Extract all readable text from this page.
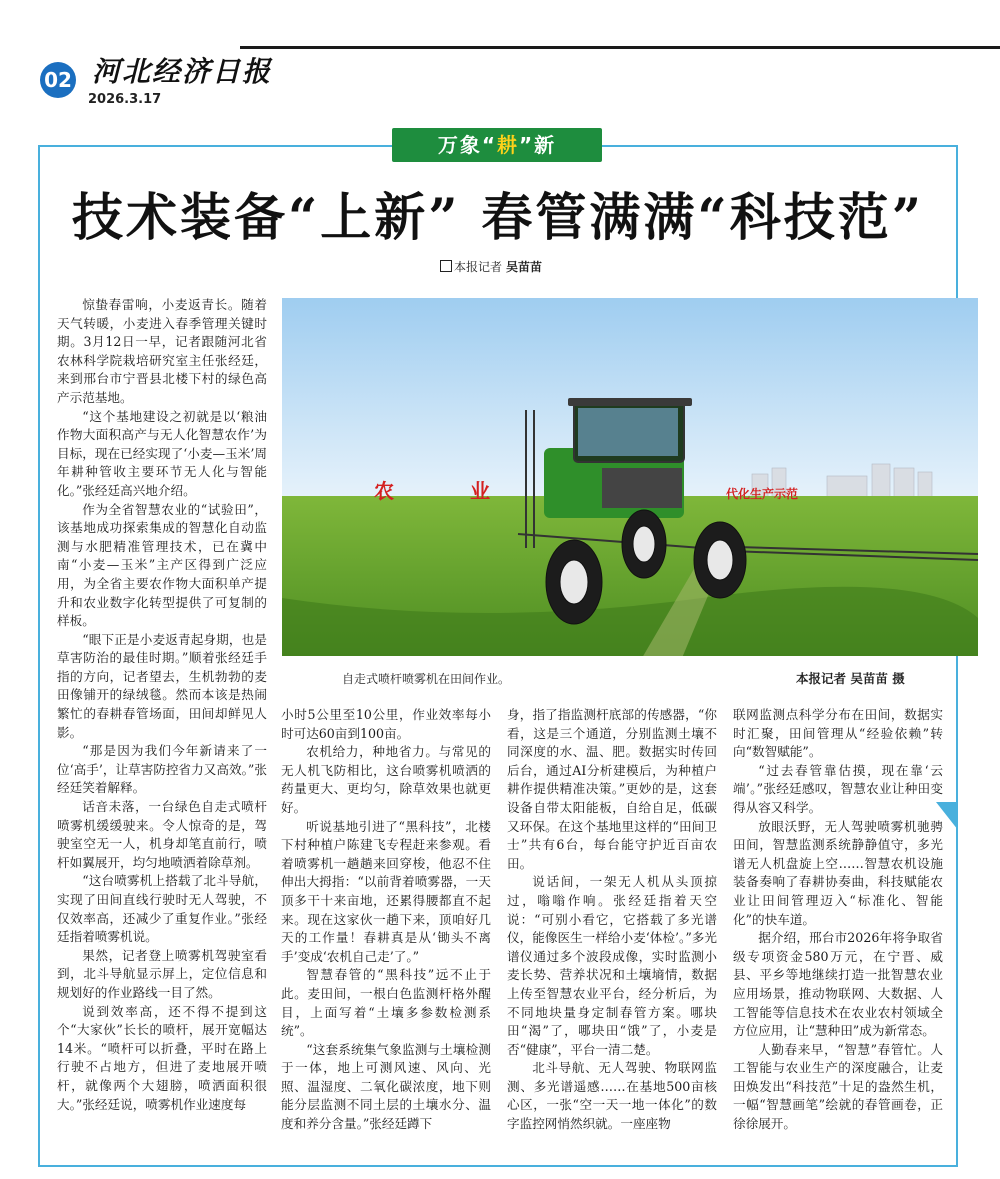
02 河北经济日报
2026.3.17
万象“耕”新
技术装备“上新” 春管满满“科技范”
本报记者 吴苗苗
农	业	代化生产示范
自走式喷杆喷雾机在田间作业。	本报记者 吴苗苗 摄

惊蛰春雷响，小麦返青长。随着天气转暖，小麦进入春季管理关键时期。3月12日一早，记者跟随河北省农林科学院栽培研究室主任张经廷，来到邢台市宁晋县北楼下村的绿色高产示范基地。

“这个基地建设之初就是以‘粮油作物大面积高产与无人化智慧农作’为目标，现在已经实现了‘小麦—玉米’周年耕种管收主要环节无人化与智能化。”张经廷高兴地介绍。

作为全省智慧农业的“试验田”，该基地成功探索集成的智慧化自动监测与水肥精准管理技术，已在冀中南“小麦—玉米”主产区得到广泛应用，为全省主要农作物大面积单产提升和农业数字化转型提供了可复制的样板。

“眼下正是小麦返青起身期，也是草害防治的最佳时期。”顺着张经廷手指的方向，记者望去，生机勃勃的麦田像铺开的绿绒毯。然而本该是热闹繁忙的春耕春管场面，田间却鲜见人影。

“那是因为我们今年新请来了一位‘高手’，让草害防控省力又高效。”张经廷笑着解释。

话音未落，一台绿色自走式喷杆喷雾机缓缓驶来。令人惊奇的是，驾驶室空无一人，机身却笔直前行，喷杆如翼展开，均匀地喷洒着除草剂。

“这台喷雾机上搭载了北斗导航，实现了田间直线行驶时无人驾驶，不仅效率高，还减少了重复作业。”张经廷指着喷雾机说。

果然，记者登上喷雾机驾驶室看到，北斗导航显示屏上，定位信息和规划好的作业路线一目了然。

说到效率高，还不得不提到这个“大家伙”长长的喷杆，展开宽幅达14米。“喷杆可以折叠，平时在路上行驶不占地方，但进了麦地展开喷杆，就像两个大翅膀，喷洒面积很大。”张经廷说，喷雾机作业速度每

小时5公里至10公里，作业效率每小时可达60亩到100亩。

农机给力，种地省力。与常见的无人机飞防相比，这台喷雾机喷洒的药量更大、更均匀，除草效果也就更好。

听说基地引进了“黑科技”，北楼下村种植户陈建飞专程赶来参观。看着喷雾机一趟趟来回穿梭，他忍不住伸出大拇指：“以前背着喷雾器，一天顶多干十来亩地，还累得腰都直不起来。现在这家伙一趟下来，顶咱好几天的工作量！春耕真是从‘锄头不离手’变成‘农机自己走’了。”

智慧春管的“黑科技”远不止于此。麦田间，一根白色监测杆格外醒目，上面写着“土壤多参数检测系统”。

“这套系统集气象监测与土壤检测于一体，地上可测风速、风向、光照、温湿度、二氧化碳浓度，地下则能分层监测不同土层的土壤水分、温度和养分含量。”张经廷蹲下

身，指了指监测杆底部的传感器，“你看，这是三个通道，分别监测土壤不同深度的水、温、肥。数据实时传回后台，通过AI分析建模后，为种植户耕作提供精准决策。”更妙的是，这套设备自带太阳能板，自给自足，低碳又环保。在这个基地里这样的“田间卫士”共有6台，每台能守护近百亩农田。

说话间，一架无人机从头顶掠过，嗡嗡作响。张经廷指着天空说：“可别小看它，它搭载了多光谱仪，能像医生一样给小麦‘体检’。”多光谱仪通过多个波段成像，实时监测小麦长势、营养状况和土壤墒情，数据上传至智慧农业平台，经分析后，为不同地块量身定制春管方案。哪块田“渴”了，哪块田“饿”了，小麦是否“健康”，平台一清二楚。

北斗导航、无人驾驶、物联网监测、多光谱遥感……在基地500亩核心区，一张“空一天一地一体化”的数字监控网悄然织就。一座座物

联网监测点科学分布在田间，数据实时汇聚，田间管理从“经验依赖”转向“数智赋能”。

“过去春管靠估摸，现在靠‘云端’。”张经廷感叹，智慧农业让种田变得从容又科学。

放眼沃野，无人驾驶喷雾机驰骋田间，智慧监测系统静静值守，多光谱无人机盘旋上空……智慧农机设施装备奏响了春耕协奏曲，科技赋能农业让田间管理迈入“标准化、智能化”的快车道。

据介绍，邢台市2026年将争取省级专项资金580万元，在宁晋、威县、平乡等地继续打造一批智慧农业应用场景，推动物联网、大数据、人工智能等信息技术在农业农村领域全方位应用，让“慧种田”成为新常态。

人勤春来早，“智慧”春管忙。人工智能与农业生产的深度融合，让麦田焕发出“科技范”十足的盎然生机，一幅“智慧画笔”绘就的春管画卷，正徐徐展开。
